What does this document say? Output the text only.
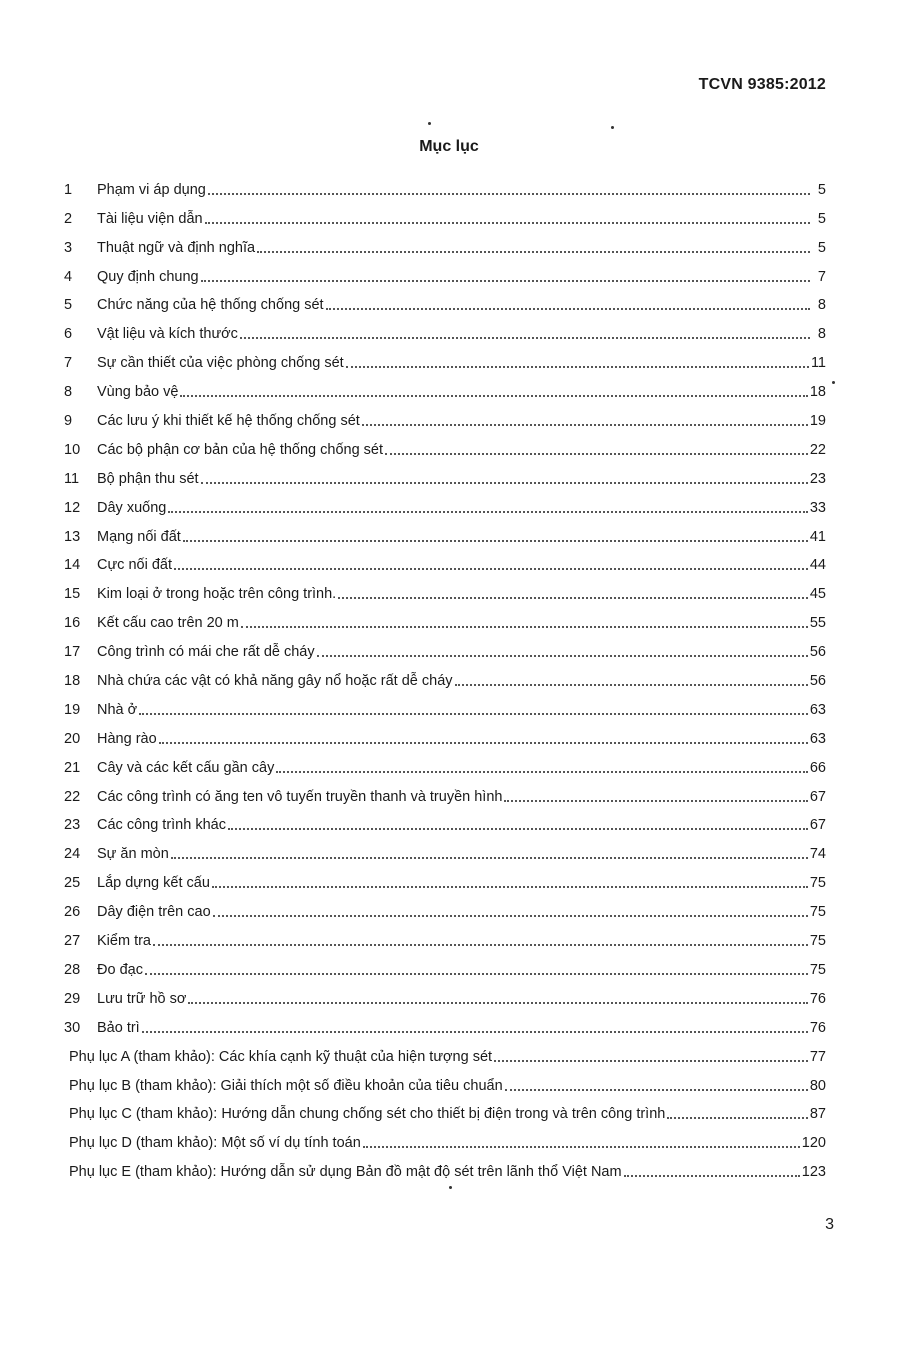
TCVN 9385:2012
Mục lục
1	Phạm vi áp dụng	5
2	Tài liệu viện dẫn	5
3	Thuật ngữ và định nghĩa	5
4	Quy định chung	7
5	Chức năng của hệ thống chống sét	8
6	Vật liệu và kích thước	8
7	Sự cần thiết của việc phòng chống sét	11
8	Vùng bảo vệ	18
9	Các lưu ý khi thiết kế hệ thống chống sét	19
10	Các bộ phận cơ bản của hệ thống chống sét	22
11	Bộ phận thu sét	23
12	Dây xuống	33
13	Mạng nối đất	41
14	Cực nối đất	44
15	Kim loại ở trong hoặc trên công trình.	45
16	Kết cấu cao trên 20 m	55
17	Công trình có mái che rất dễ cháy	56
18	Nhà chứa các vật có khả năng gây nổ hoặc rất dễ cháy	56
19	Nhà ở	63
20	Hàng rào	63
21	Cây và các kết cấu gần cây	66
22	Các công trình có ăng ten vô tuyến truyền thanh và truyền hình	67
23	Các công trình khác	67
24	Sự ăn mòn	74
25	Lắp dựng kết cấu	75
26	Dây điện trên cao	75
27	Kiểm tra	75
28	Đo đạc	75
29	Lưu trữ hồ sơ	76
30	Bảo trì	76
Phụ lục A (tham khảo): Các khía cạnh kỹ thuật của hiện tượng sét	77
Phụ lục B (tham khảo): Giải thích một số điều khoản của tiêu chuẩn	80
Phụ lục C (tham khảo): Hướng dẫn chung chống sét cho thiết bị điện trong và trên công trình	87
Phụ lục D (tham khảo): Một số ví dụ tính toán	120
Phụ lục E (tham khảo): Hướng dẫn sử dụng Bản đồ mật độ sét trên lãnh thổ Việt Nam	123
3
